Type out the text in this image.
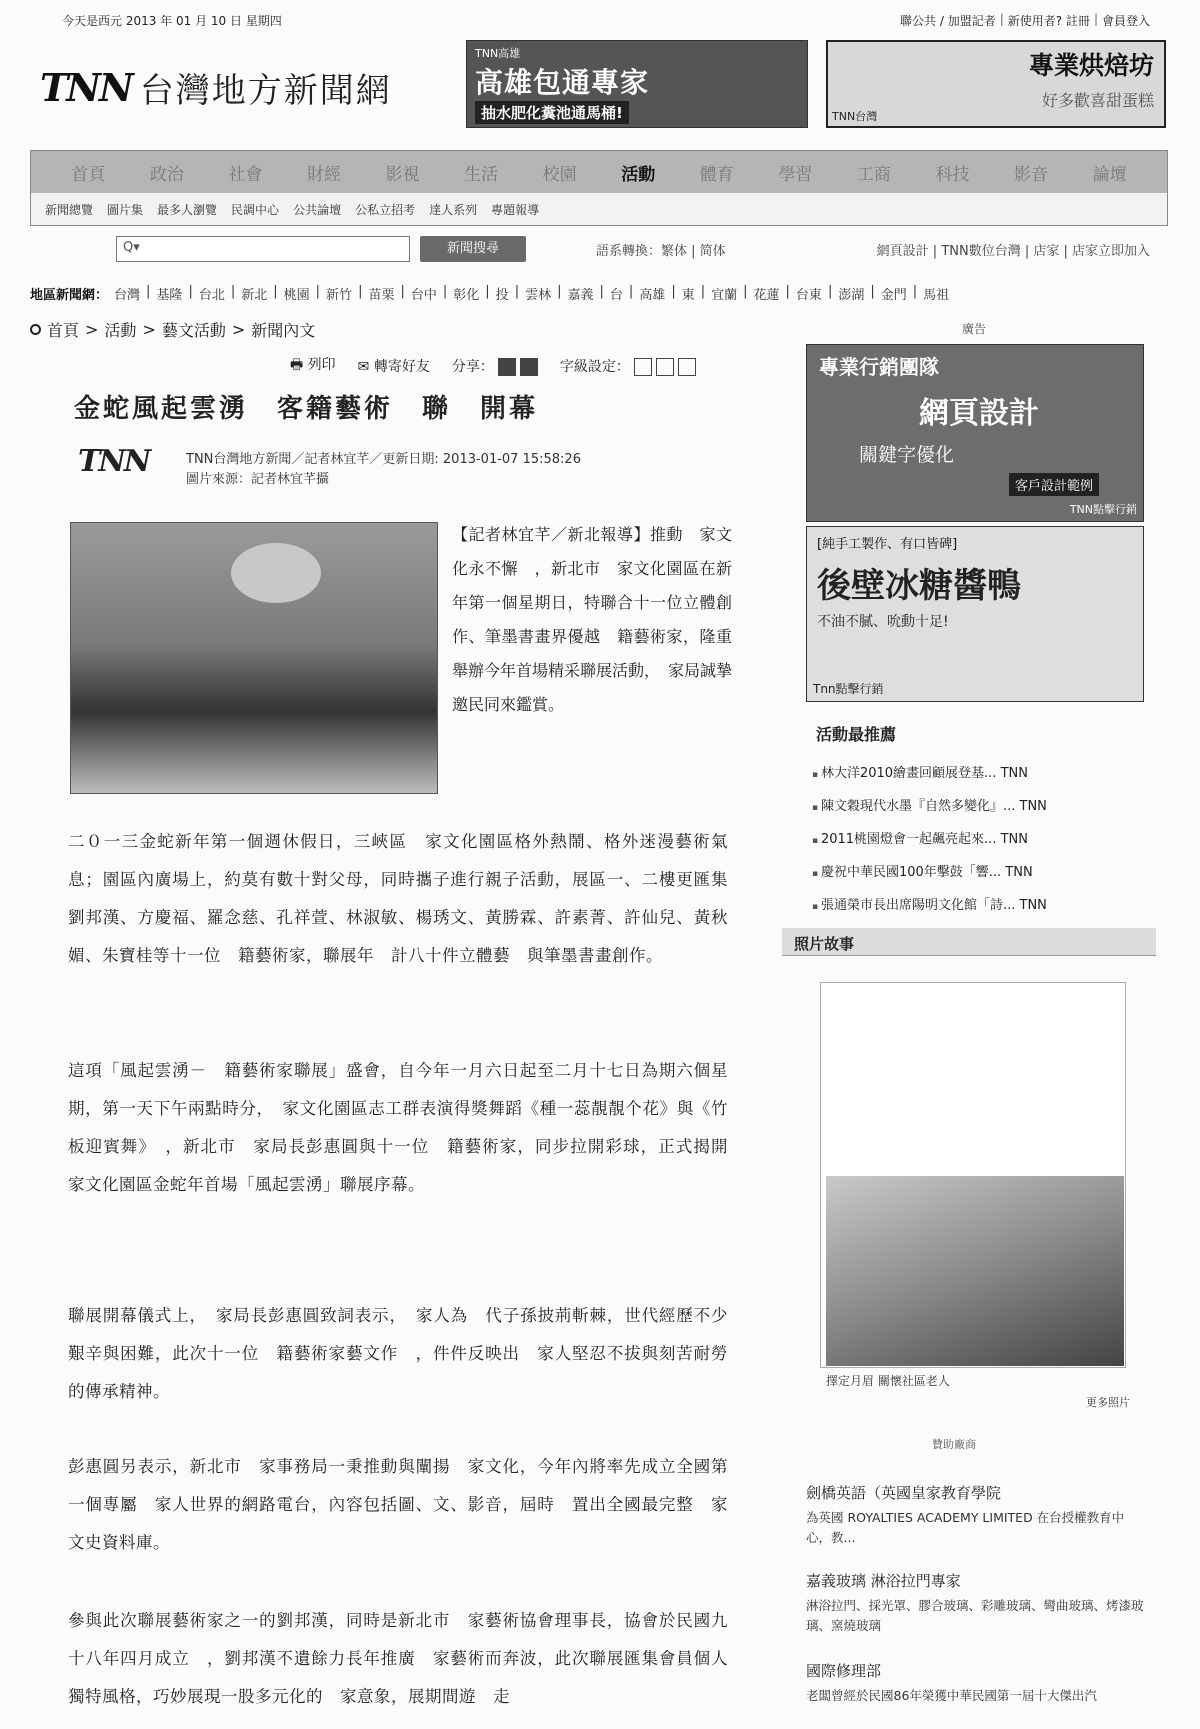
今天是西元 2013 年 01 月 10 日 星期四	聯公共 / 加盟記者 | 新使用者? 註冊 | 會員登入
TNN 台灣地方新聞網
TNN高雄
高雄包通專家
抽水肥化糞池通馬桶!
專業烘焙坊
好多歡喜甜蛋糕
TNN台灣
首頁	政治	社會	財經	影視	生活	校園	活動	體育	學習	工商	科技	影音	論壇
新聞總覽 圖片集 最多人瀏覽 民調中心 公共論壇 公私立招考 達人系列 專題報導
Q▾	新聞搜尋	語系轉換：繁体 | 简体	網頁設計 | TNN數位台灣 | 店家 | 店家立即加入
地區新聞網： 台灣 | 基隆 | 台北 | 新北 | 桃園 | 新竹 | 苗栗 | 台中 | 彰化 | 投 | 雲林 | 嘉義 | 台 | 高雄 | 東 | 宜蘭 | 花蓮 | 台東 | 澎湖 | 金門 | 馬祖
首頁 > 活動 > 藝文活動 > 新聞內文	廣告
🖶 列印 ✉ 轉寄好友 分享：	字級設定：
金蛇風起雲湧　客籍藝術　聯　開幕
TNN	TNN台灣地方新聞／記者林宜芊／更新日期: 2013-01-07 15:58:26
圖片來源：記者林宜芊攝

【記者林宜芊／新北報導】推動　家文化永不懈　，新北市　家文化園區在新年第一個星期日，特聯合十一位立體創作、筆墨書畫界優越　籍藝術家，隆重舉辦今年首場精采聯展活動，　家局誠摯邀民同來鑑賞。

二０一三金蛇新年第一個週休假日，三峽區　家文化園區格外熱鬧、格外迷漫藝術氣息；園區內廣場上，約莫有數十對父母，同時攜子進行親子活動，展區一、二樓更匯集劉邦漢、方慶福、羅念慈、孔祥萱、林淑敏、楊琇文、黃勝霖、許素菁、許仙兒、黃秋媚、朱寶桂等十一位　籍藝術家，聯展年　計八十件立體藝　與筆墨書畫創作。

這項「風起雲湧－　籍藝術家聯展」盛會，自今年一月六日起至二月十七日為期六個星期，第一天下午兩點時分，　家文化園區志工群表演得獎舞蹈《種一蕊靚靚个花》與《竹板迎賓舞》　，新北市　家局長彭惠圓與十一位　籍藝術家，同步拉開彩球，正式揭開　家文化園區金蛇年首場「風起雲湧」聯展序幕。

聯展開幕儀式上，　家局長彭惠圓致詞表示，　家人為　代子孫披荊斬棘，世代經歷不少艱辛與困難，此次十一位　籍藝術家藝文作　，件件反映出　家人堅忍不拔與刻苦耐勞的傳承精神。

彭惠圓另表示，新北市　家事務局一秉推動與闡揚　家文化，今年內將率先成立全國第一個專屬　家人世界的網路電台，內容包括圖、文、影音，屆時　置出全國最完整　家文史資料庫。

參與此次聯展藝術家之一的劉邦漢，同時是新北市　家藝術協會理事長，協會於民國九十八年四月成立　，劉邦漢不遺餘力長年推廣　家藝術而奔波，此次聯展匯集會員個人獨特風格，巧妙展現一股多元化的　家意象，展期間遊　走

專業行銷團隊
網頁設計
關鍵字優化
客戶設計範例
TNN點擊行銷
[純手工製作、有口皆碑]
後壁冰糖醬鴨
不油不膩、吮動十足!
Tnn點擊行銷
活動最推薦
▪ 林大洋2010繪畫回顧展登基... TNN
▪ 陳文穀現代水墨『自然多變化』... TNN
▪ 2011桃園燈會一起飆亮起來... TNN
▪ 慶祝中華民國100年擊鼓「響... TNN
▪ 張通榮市長出席陽明文化館「詩... TNN
照片故事
擇定月眉 關懷社區老人
更多照片
贊助廠商
劍橋英語（英國皇家教育學院
為英國 ROYALTIES ACADEMY LIMITED 在台授權教育中心，教...
嘉義玻璃 淋浴拉門專家
淋浴拉門、採光罩、膠合玻璃、彩雕玻璃、彎曲玻璃、烤漆玻璃、窯燒玻璃
國際修理部
老闆曾經於民國86年榮獲中華民國第一屆十大傑出汽
